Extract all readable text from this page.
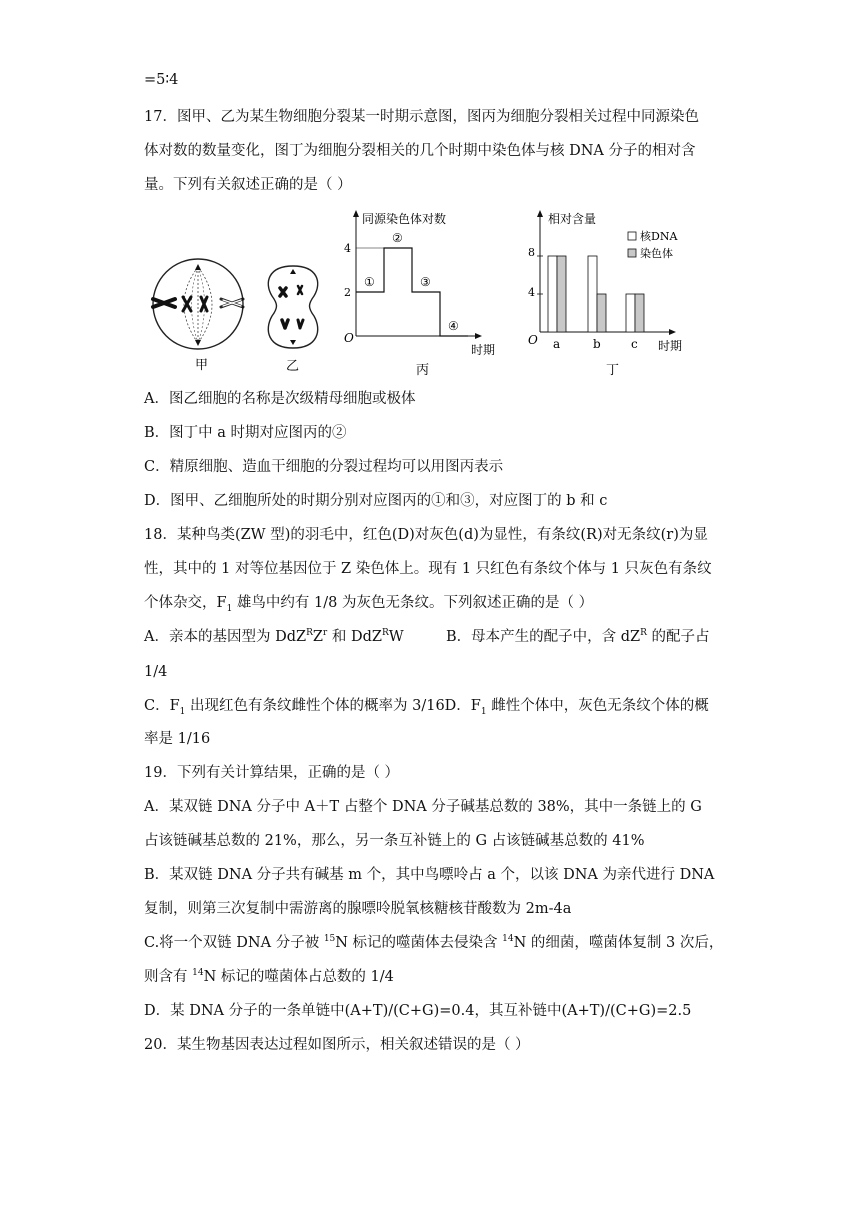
=5∶4
17．图甲、乙为某生物细胞分裂某一时期示意图，图丙为细胞分裂相关过程中同源染色
体对数的数量变化，图丁为细胞分裂相关的几个时期中染色体与核 DNA 分子的相对含
量。下列有关叙述正确的是（ ）
甲	乙
同源染色体对数
O
4
2
时期
①
②
③
④
丙
相对含量
O
8
4
时期
核DNA
染色体
a	b	c
丁
A．图乙细胞的名称是次级精母细胞或极体
B．图丁中 a 时期对应图丙的②
C．精原细胞、造血干细胞的分裂过程均可以用图丙表示
D．图甲、乙细胞所处的时期分别对应图丙的①和③，对应图丁的 b 和 c
18．某种鸟类(ZW 型)的羽毛中，红色(D)对灰色(d)为显性，有条纹(R)对无条纹(r)为显
性，其中的 1 对等位基因位于 Z 染色体上。现有 1 只红色有条纹个体与 1 只灰色有条纹
个体杂交，$F_1$ 雄鸟中约有 1/8 为灰色无条纹。下列叙述正确的是（ ）
A．亲本的基因型为 $DdZ^RZ^r$ 和 DdZ$^R$W	B．母本产生的配子中，含 $dZ^R$ 的配子占
1/4
C．$F_1$ 出现红色有条纹雌性个体的概率为 3/16D．$F_1$ 雌性个体中，灰色无条纹个体的概
率是 1/16
19．下列有关计算结果，正确的是（ ）
A．某双链 DNA 分子中 A＋T 占整个 DNA 分子碱基总数的 38%，其中一条链上的 G
占该链碱基总数的 21%，那么，另一条互补链上的 G 占该链碱基总数的 41%
B．某双链 DNA 分子共有碱基 m 个，其中鸟嘌呤占 a 个，以该 DNA 为亲代进行 DNA
复制，则第三次复制中需游离的腺嘌呤脱氧核糖核苷酸数为 2m-4a
C.将一个双链 DNA 分子被 $^{15}$N 标记的噬菌体去侵染含 $^{14}$N 的细菌，噬菌体复制 3 次后，
则含有 $^{14}$N 标记的噬菌体占总数的 1/4
D．某 DNA 分子的一条单链中(A+T)/(C+G)=0.4，其互补链中(A+T)/(C+G)=2.5
20．某生物基因表达过程如图所示，相关叙述错误的是（ ）
